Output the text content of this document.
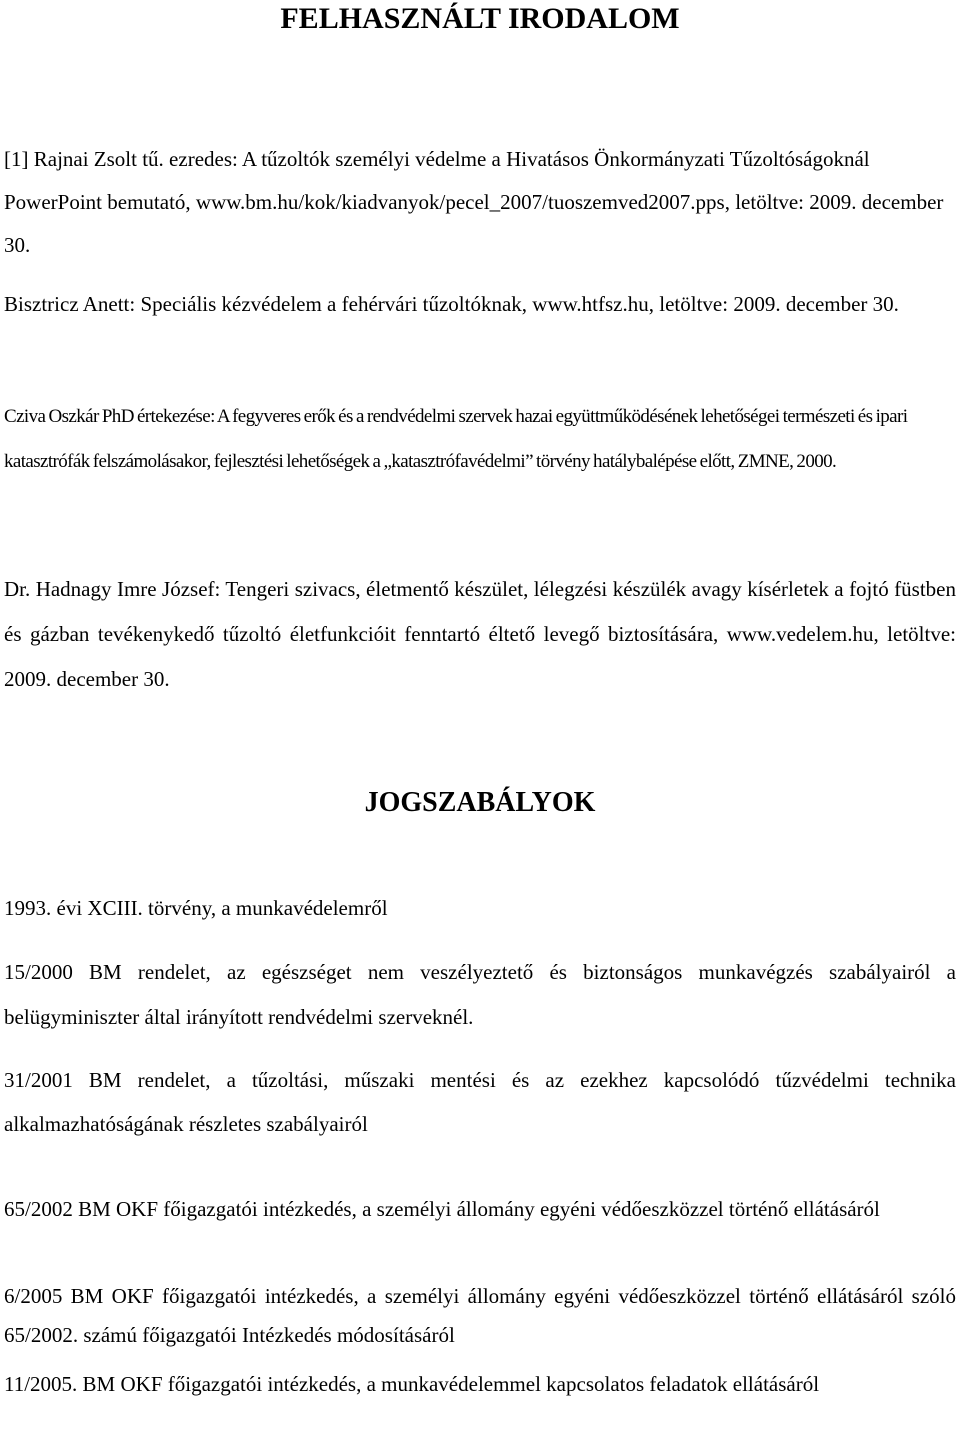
FELHASZNÁLT IRODALOM

[1] Rajnai Zsolt tű. ezredes: A tűzoltók személyi védelme a Hivatásos Önkormányzati Tűzoltóságoknál PowerPoint bemutató, www.bm.hu/kok/kiadvanyok/pecel_2007/tuoszemved2007.pps, letöltve: 2009. december 30.

Bisztricz Anett: Speciális kézvédelem a fehérvári tűzoltóknak, www.htfsz.hu, letöltve: 2009. december 30.

Cziva Oszkár PhD értekezése: A fegyveres erők és a rendvédelmi szervek hazai együttműködésének lehetőségei természeti és ipari katasztrófák felszámolásakor, fejlesztési lehetőségek a „katasztrófavédelmi” törvény hatálybalépése előtt, ZMNE, 2000.

Dr. Hadnagy Imre József: Tengeri szivacs, életmentő készület, lélegzési készülék avagy kísérletek a fojtó füstben és gázban tevékenykedő tűzoltó életfunkcióit fenntartó éltető levegő biztosítására, www.vedelem.hu, letöltve: 2009. december 30.

JOGSZABÁLYOK

1993. évi XCIII. törvény, a munkavédelemről

15/2000 BM rendelet, az egészséget nem veszélyeztető és biztonságos munkavégzés szabályairól a belügyminiszter által irányított rendvédelmi szerveknél.

31/2001 BM rendelet, a tűzoltási, műszaki mentési és az ezekhez kapcsolódó tűzvédelmi technika alkalmazhatóságának részletes szabályairól

65/2002 BM OKF főigazgatói intézkedés, a személyi állomány egyéni védőeszközzel történő ellátásáról

6/2005 BM OKF főigazgatói intézkedés, a személyi állomány egyéni védőeszközzel történő ellátásáról szóló 65/2002. számú főigazgatói Intézkedés módosításáról

11/2005. BM OKF főigazgatói intézkedés, a munkavédelemmel kapcsolatos feladatok ellátásáról
